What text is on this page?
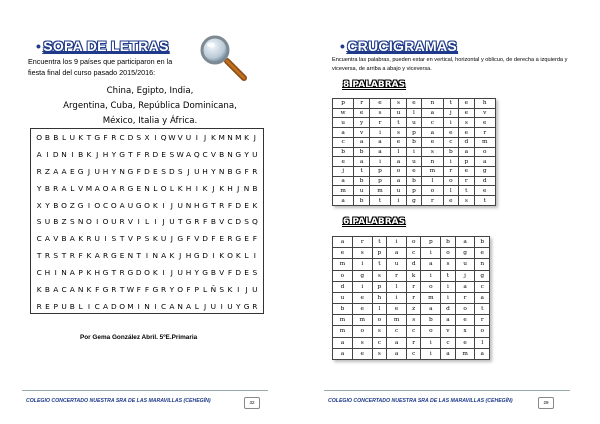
• SOPA DE LETRAS
Encuentra los 9 países que participaron en la fiesta final del curso pasado 2015/2016:
China, Egipto, India, Argentina, Cuba, República Dominicana, México, Italia y África.
O B B L U K T G F R C D S X I Q W V U I J K M N M K J
A I D N I B K J H Y G T F R D E S W A Q C V B N G Y U
R Z A A E G J U H Y N G F D E S D S J U H Y N B G F R
Y B R A L V M A O A R G E N L O L K H I K J K H J N B
X Y B O Z G I O C O A U G O K I J U N H G T R F D E K
S U B Z S N O I O U R V I L I J U T G R F B V C D S Q
C A V B A K R U I S T V P S K U J G F V D F E R G E F
T R S T R F K A R G E N T I N A K J H G D I K O K L I
C H I N A P K H G T R G D O K I J U H Y G B V F D E S
K B A C A N K F G R T W F F G R Y O F P L Ñ S K I J U
R E P U B L I C A D O M I N I C A N A L J U I U Y G R
Por Gema González Abril. 5ºE.Primaria
COLEGIO CONCERTADO NUESTRA SRA DE LAS MARAVILLAS (CEHEGÍN)	32
• CRUCIGRAMAS
Encuentra las palabras, pueden estar en vertical, horizontal y oblicuo, de derecha a izquierda y viceversa, de arriba a abajo y viceversa.
8 PALABRAS
p	r	e	s	e	n	t	e	h
w	e	s	u	l	a	j	e	v
u	y	r	t	u	c	i	s	e
a	v	i	s	p	a	e	e	r
c	a	a	e	b	e	c	d	m
b	b	a	l	i	s	b	a	o
e	a	i	a	u	n	i	p	a
j	t	p	o	e	m	r	e	g
a	b	p	a	b	l	o	r	d
m	u	m	u	p	o	l	t	e
a	b	t	i	g	r	e	s	t
6 PALABRAS
a	r	t	i	o	p	b	a	b
e	s	p	a	c	i	o	g	e
m	i	t	u	d	a	s	u	n
o	g	s	r	k	i	t	j	g
d	i	p	l	r	o	i	a	c
u	e	h	i	r	m	i	r	a
b	e	l	e	z	a	d	o	t
m	m	o	m	s	b	a	e	r
m	o	s	c	c	o	v	x	o
a	s	c	a	r	i	c	e	l
a	e	s	a	c	i	a	m	a
COLEGIO CONCERTADO NUESTRA SRA DE LAS MARAVILLAS (CEHEGÍN)	29
